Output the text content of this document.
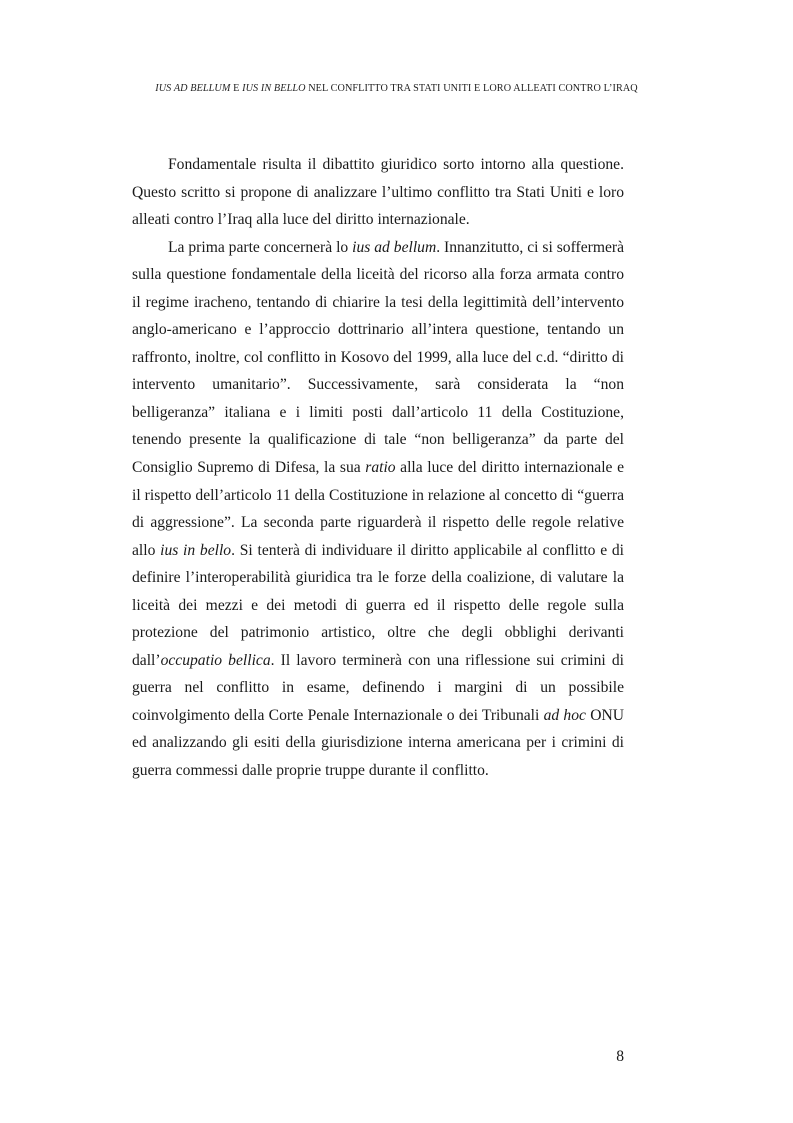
IUS AD BELLUM E IUS IN BELLO NEL CONFLITTO TRA STATI UNITI E LORO ALLEATI CONTRO L’IRAQ

Fondamentale risulta il dibattito giuridico sorto intorno alla questione. Questo scritto si propone di analizzare l’ultimo conflitto tra Stati Uniti e loro alleati contro l’Iraq alla luce del diritto internazionale.

La prima parte concernerà lo ius ad bellum. Innanzitutto, ci si soffermerà sulla questione fondamentale della liceità del ricorso alla forza armata contro il regime iracheno, tentando di chiarire la tesi della legittimità dell’intervento anglo-americano e l’approccio dottrinario all’intera questione, tentando un raffronto, inoltre, col conflitto in Kosovo del 1999, alla luce del c.d. “diritto di intervento umanitario”. Successivamente, sarà considerata la “non belligeranza” italiana e i limiti posti dall’articolo 11 della Costituzione, tenendo presente la qualificazione di tale “non belligeranza” da parte del Consiglio Supremo di Difesa, la sua ratio alla luce del diritto internazionale e il rispetto dell’articolo 11 della Costituzione in relazione al concetto di “guerra di aggressione”. La seconda parte riguarderà il rispetto delle regole relative allo ius in bello. Si tenterà di individuare il diritto applicabile al conflitto e di definire l’interoperabilità giuridica tra le forze della coalizione, di valutare la liceità dei mezzi e dei metodi di guerra ed il rispetto delle regole sulla protezione del patrimonio artistico, oltre che degli obblighi derivanti dall’occupatio bellica. Il lavoro terminerà con una riflessione sui crimini di guerra nel conflitto in esame, definendo i margini di un possibile coinvolgimento della Corte Penale Internazionale o dei Tribunali ad hoc ONU ed analizzando gli esiti della giurisdizione interna americana per i crimini di guerra commessi dalle proprie truppe durante il conflitto.

8
